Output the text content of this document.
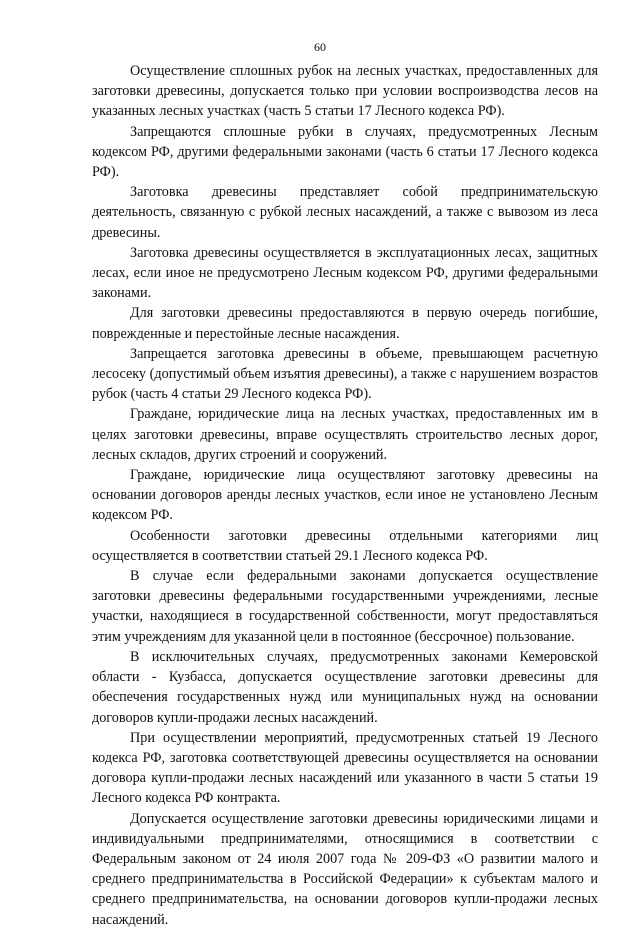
60

Осуществление сплошных рубок на лесных участках, предоставленных для заготовки древесины, допускается только при условии воспроизводства лесов на указанных лесных участках (часть 5 статьи 17 Лесного кодекса РФ).

Запрещаются сплошные рубки в случаях, предусмотренных Лесным кодексом РФ, другими федеральными законами (часть 6 статьи 17 Лесного кодекса РФ).

Заготовка древесины представляет собой предпринимательскую деятельность, связанную с рубкой лесных насаждений, а также с вывозом из леса древесины.

Заготовка древесины осуществляется в эксплуатационных лесах, защитных лесах, если иное не предусмотрено Лесным кодексом РФ, другими федеральными законами.

Для заготовки древесины предоставляются в первую очередь погибшие, поврежденные и перестойные лесные насаждения.

Запрещается заготовка древесины в объеме, превышающем расчетную лесосеку (допустимый объем изъятия древесины), а также с нарушением возрастов рубок (часть 4 статьи 29 Лесного кодекса РФ).

Граждане, юридические лица на лесных участках, предоставленных им в целях заготовки древесины, вправе осуществлять строительство лесных дорог, лесных складов, других строений и сооружений.

Граждане, юридические лица осуществляют заготовку древесины на основании договоров аренды лесных участков, если иное не установлено Лесным кодексом РФ.

Особенности заготовки древесины отдельными категориями лиц осуществляется в соответствии статьей 29.1 Лесного кодекса РФ.

В случае если федеральными законами допускается осуществление заготовки древесины федеральными государственными учреждениями, лесные участки, находящиеся в государственной собственности, могут предоставляться этим учреждениям для указанной цели в постоянное (бессрочное) пользование.

В исключительных случаях, предусмотренных законами Кемеровской области - Кузбасса, допускается осуществление заготовки древесины для обеспечения государственных нужд или муниципальных нужд на основании договоров купли-продажи лесных насаждений.

При осуществлении мероприятий, предусмотренных статьей 19 Лесного кодекса РФ, заготовка соответствующей древесины осуществляется на основании договора купли-продажи лесных насаждений или указанного в части 5 статьи 19 Лесного кодекса РФ контракта.

Допускается осуществление заготовки древесины юридическими лицами и индивидуальными предпринимателями, относящимися в соответствии с Федеральным законом от 24 июля 2007 года № 209-ФЗ «О развитии малого и среднего предпринимательства в Российской Федерации» к субъектам малого и среднего предпринимательства, на основании договоров купли-продажи лесных насаждений.
